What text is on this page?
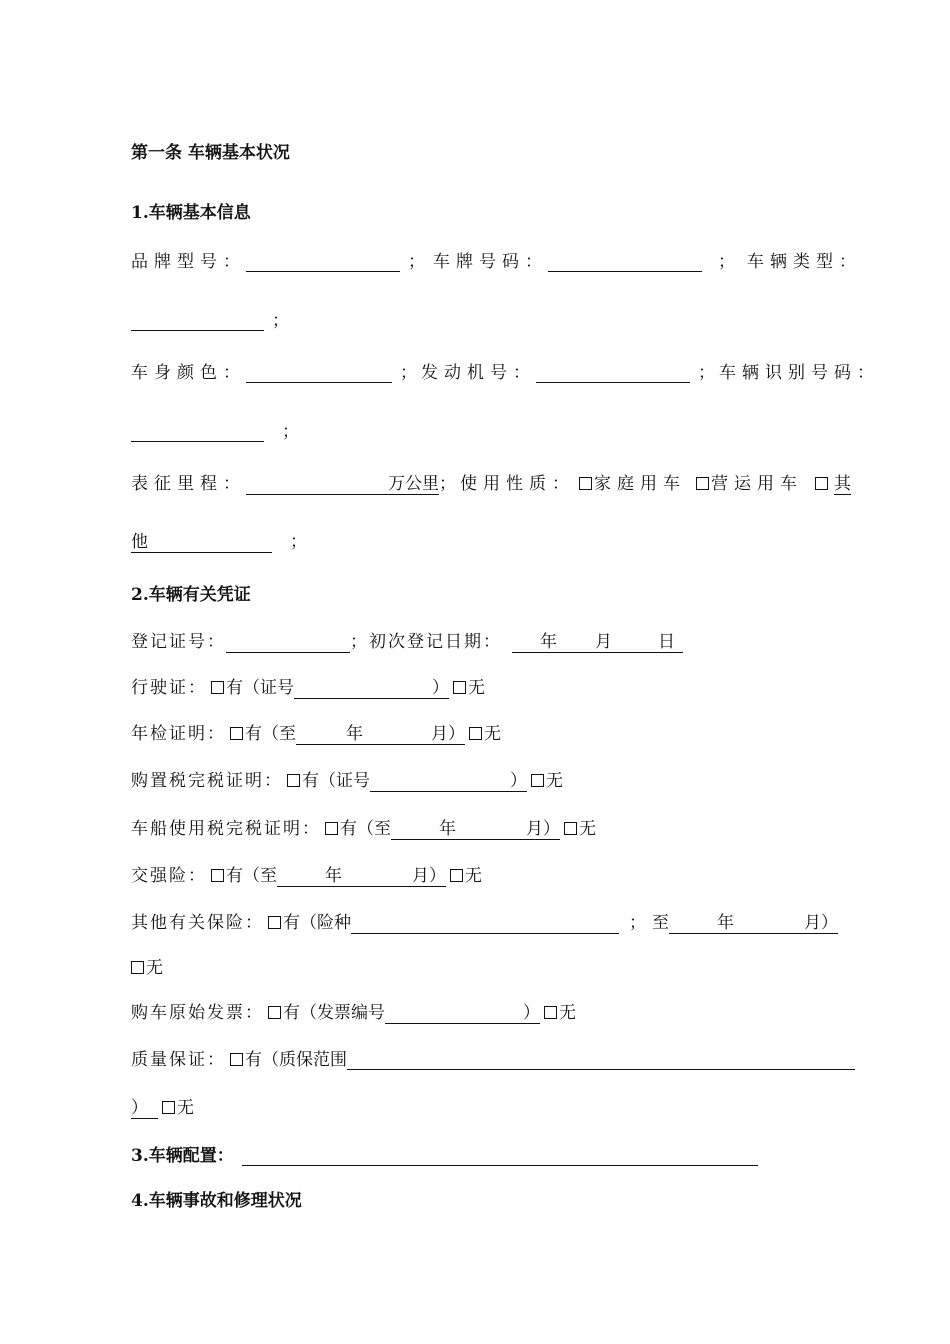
第一条 车辆基本状况
1.车辆基本信息
品牌型号：	； 车牌号码：	； 车辆类型：
；
车身颜色：	； 发动机号：	； 车辆识别号码：
；
表征里程：	万公里； 使用性质： 家庭用车 营运用车 其
他	；
2.车辆有关凭证
登记证号：	；初次登记日期： 年 月	日
行驶证： 有（证号	） 无
年检证明： 有（至	年	月） 无
购置税完税证明： 有（证号	） 无
车船使用税完税证明： 有（至	年	月） 无
交强险： 有（至	年	月） 无
其他有关保险： 有（险种	； 至	年	月）
无
购车原始发票： 有（发票编号	） 无
质量保证： 有（质保范围
） 无
3.车辆配置：
4.车辆事故和修理状况
